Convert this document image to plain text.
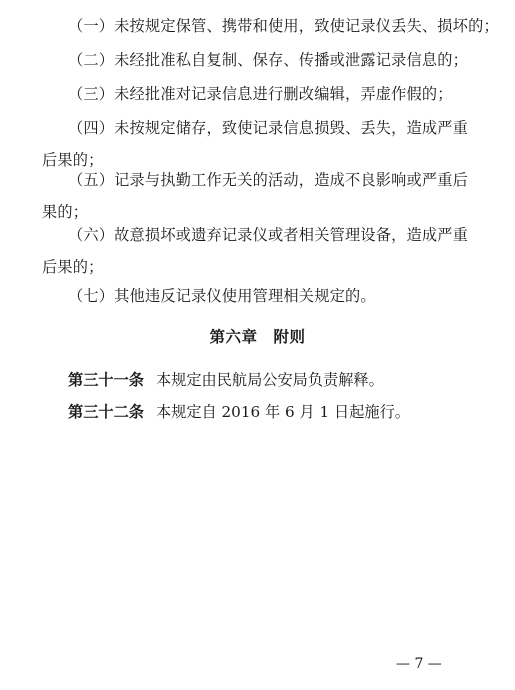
（一）未按规定保管、携带和使用，致使记录仪丢失、损坏的；
（二）未经批准私自复制、保存、传播或泄露记录信息的；
（三）未经批准对记录信息进行删改编辑，弄虚作假的；
（四）未按规定储存，致使记录信息损毁、丢失，造成严重后果的；
（五）记录与执勤工作无关的活动，造成不良影响或严重后果的；
（六）故意损坏或遗弃记录仪或者相关管理设备，造成严重后果的；
（七）其他违反记录仪使用管理相关规定的。
第六章 附则
第三十一条 本规定由民航局公安局负责解释。
第三十二条 本规定自 2016 年 6 月 1 日起施行。
— 7 —
